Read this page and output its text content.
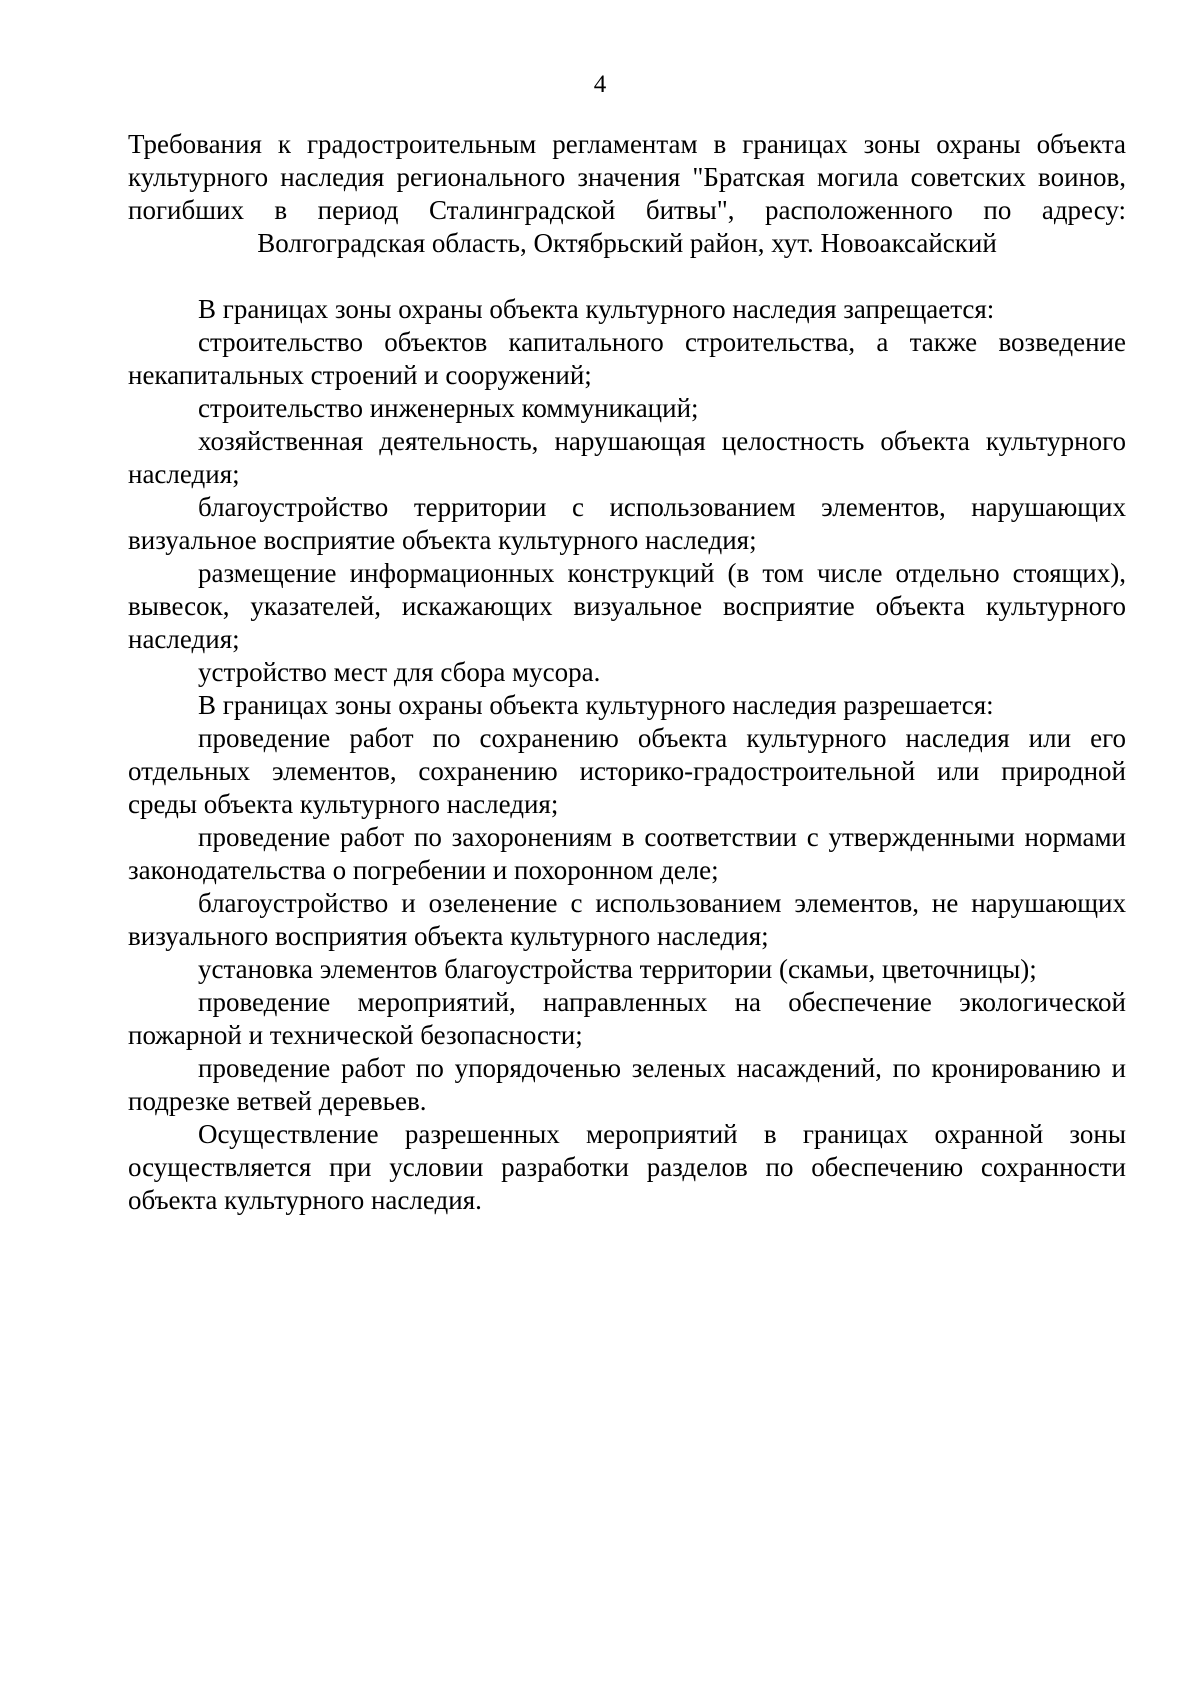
4
Требования к градостроительным регламентам в границах зоны охраны объекта
культурного наследия регионального значения "Братская могила советских воинов,
погибших в период Сталинградской битвы", расположенного по адресу:
Волгоградская область, Октябрьский район, хут. Новоаксайский

В границах зоны охраны объекта культурного наследия запрещается:

строительство объектов капитального строительства, а также возведение некапитальных строений и сооружений;

строительство инженерных коммуникаций;

хозяйственная деятельность, нарушающая целостность объекта культурного наследия;

благоустройство территории с использованием элементов, нарушающих визуальное восприятие объекта культурного наследия;

размещение информационных конструкций (в том числе отдельно стоящих), вывесок, указателей, искажающих визуальное восприятие объекта культурного наследия;

устройство мест для сбора мусора.

В границах зоны охраны объекта культурного наследия разрешается:

проведение работ по сохранению объекта культурного наследия или его отдельных элементов, сохранению историко-градостроительной или природной среды объекта культурного наследия;

проведение работ по захоронениям в соответствии с утвержденными нормами законодательства о погребении и похоронном деле;

благоустройство и озеленение с использованием элементов, не нарушающих визуального восприятия объекта культурного наследия;

установка элементов благоустройства территории (скамьи, цветочницы);

проведение мероприятий, направленных на обеспечение экологической пожарной и технической безопасности;

проведение работ по упорядоченью зеленых насаждений, по кронированию и подрезке ветвей деревьев.

Осуществление разрешенных мероприятий в границах охранной зоны осуществляется при условии разработки разделов по обеспечению сохранности объекта культурного наследия.
